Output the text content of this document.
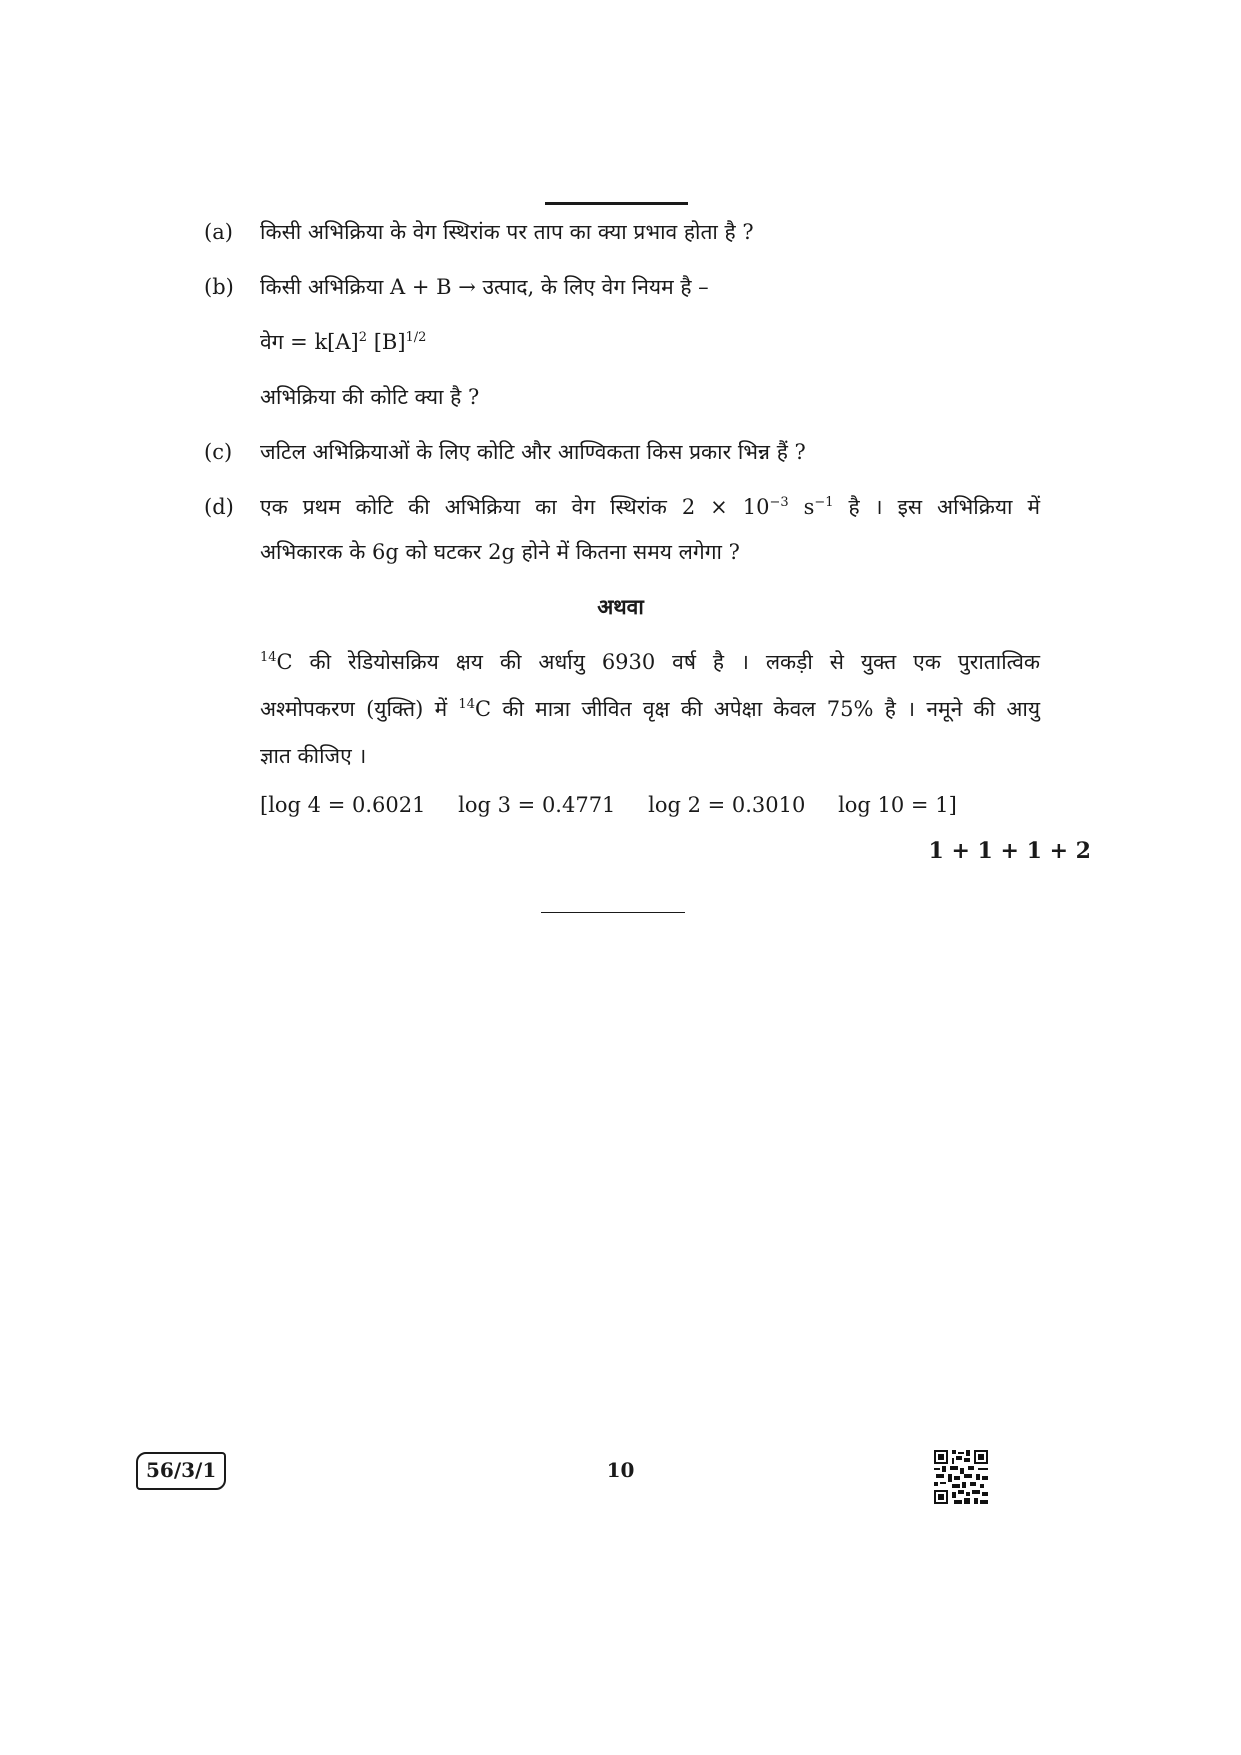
(a) किसी अभिक्रिया के वेग स्थिरांक पर ताप का क्या प्रभाव होता है ?
(b) किसी अभिक्रिया A + B → उत्पाद, के लिए वेग नियम है –
वेग = $k[A]^2$ $[B]^{1/2}$
अभिक्रिया की कोटि क्या है ?
(c) जटिल अभिक्रियाओं के लिए कोटि और आण्विकता किस प्रकार भिन्न हैं ?
(d) एक प्रथम कोटि की अभिक्रिया का वेग स्थिरांक $2 \times 10^{-3}$ $s^{-1}$ है । इस अभिक्रिया में
अभिकारक के 6g को घटकर 2g होने में कितना समय लगेगा ?
अथवा
$^{14}$C की रेडियोसक्रिय क्षय की अर्धायु 6930 वर्ष है । लकड़ी से युक्त एक पुरातात्विक
अश्मोपकरण (युक्ति) में $^{14}$C की मात्रा जीवित वृक्ष की अपेक्षा केवल 75% है । नमूने की आयु
ज्ञात कीजिए ।
[log 4 = 0.6021 log 3 = 0.4771 log 2 = 0.3010 log 10 = 1]
1 + 1 + 1 + 2
56/3/1	10
